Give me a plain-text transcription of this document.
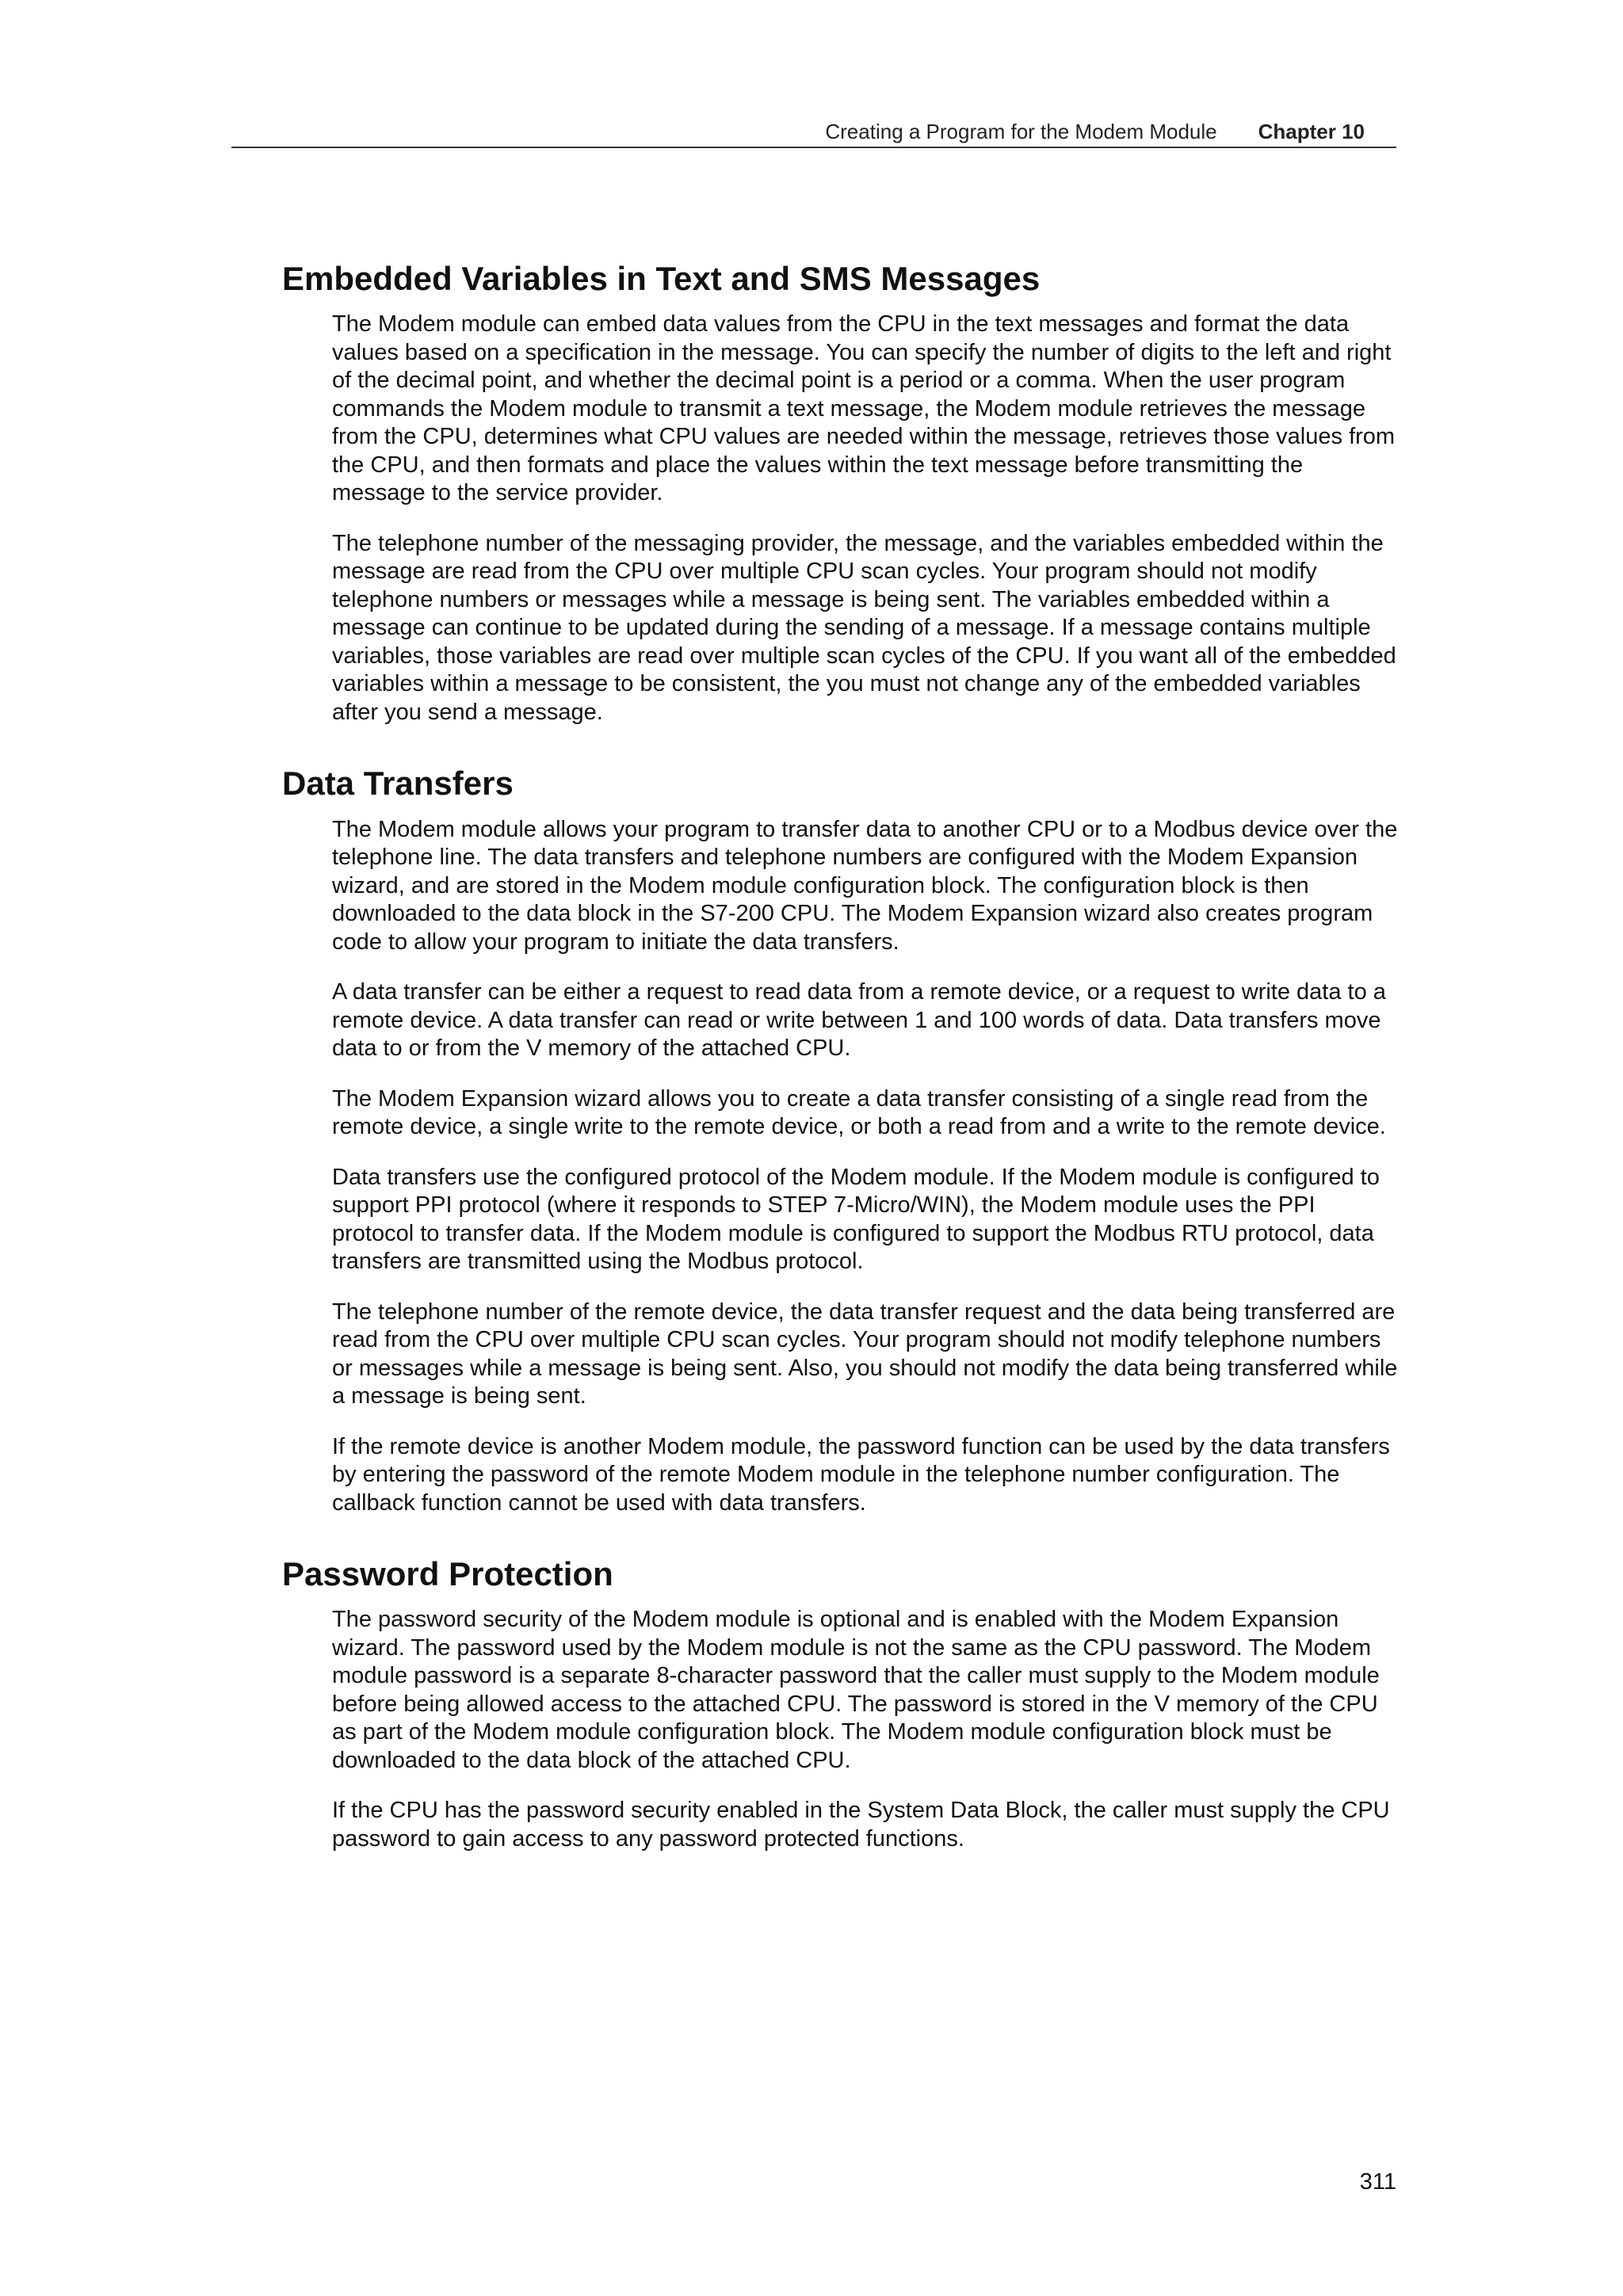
Creating a Program for the Modem Module Chapter 10
Embedded Variables in Text and SMS Messages

The Modem module can embed data values from the CPU in the text messages and format the data values based on a specification in the message. You can specify the number of digits to the left and right of the decimal point, and whether the decimal point is a period or a comma. When the user program commands the Modem module to transmit a text message, the Modem module retrieves the message from the CPU, determines what CPU values are needed within the message, retrieves those values from the CPU, and then formats and place the values within the text message before transmitting the message to the service provider.

The telephone number of the messaging provider, the message, and the variables embedded within the message are read from the CPU over multiple CPU scan cycles. Your program should not modify telephone numbers or messages while a message is being sent. The variables embedded within a message can continue to be updated during the sending of a message. If a message contains multiple variables, those variables are read over multiple scan cycles of the CPU. If you want all of the embedded variables within a message to be consistent, the you must not change any of the embedded variables after you send a message.

Data Transfers

The Modem module allows your program to transfer data to another CPU or to a Modbus device over the telephone line. The data transfers and telephone numbers are configured with the Modem Expansion wizard, and are stored in the Modem module configuration block. The configuration block is then downloaded to the data block in the S7-200 CPU. The Modem Expansion wizard also creates program code to allow your program to initiate the data transfers.

A data transfer can be either a request to read data from a remote device, or a request to write data to a remote device. A data transfer can read or write between 1 and 100 words of data. Data transfers move data to or from the V memory of the attached CPU.

The Modem Expansion wizard allows you to create a data transfer consisting of a single read from the remote device, a single write to the remote device, or both a read from and a write to the remote device.

Data transfers use the configured protocol of the Modem module. If the Modem module is configured to support PPI protocol (where it responds to STEP 7-Micro/WIN), the Modem module uses the PPI protocol to transfer data. If the Modem module is configured to support the Modbus RTU protocol, data transfers are transmitted using the Modbus protocol.

The telephone number of the remote device, the data transfer request and the data being transferred are read from the CPU over multiple CPU scan cycles. Your program should not modify telephone numbers or messages while a message is being sent. Also, you should not modify the data being transferred while a message is being sent.

If the remote device is another Modem module, the password function can be used by the data transfers by entering the password of the remote Modem module in the telephone number configuration. The callback function cannot be used with data transfers.

Password Protection

The password security of the Modem module is optional and is enabled with the Modem Expansion wizard. The password used by the Modem module is not the same as the CPU password. The Modem module password is a separate 8-character password that the caller must supply to the Modem module before being allowed access to the attached CPU. The password is stored in the V memory of the CPU as part of the Modem module configuration block. The Modem module configuration block must be downloaded to the data block of the attached CPU.

If the CPU has the password security enabled in the System Data Block, the caller must supply the CPU password to gain access to any password protected functions.

311
